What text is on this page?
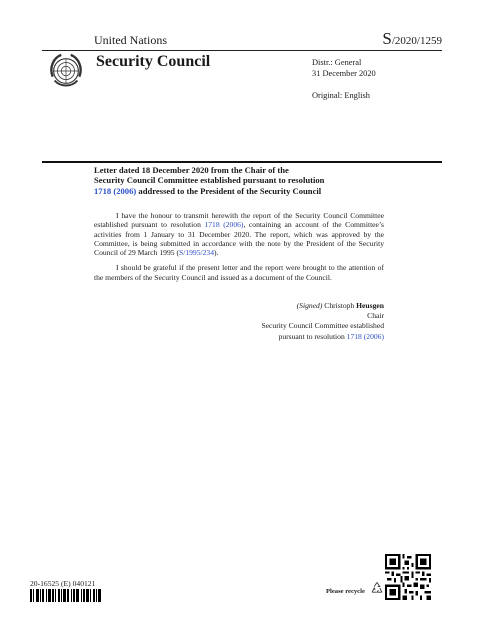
United Nations	S/2020/1259
Security Council	Distr.: General
31 December 2020
Original: English
Letter dated 18 December 2020 from the Chair of the
Security Council Committee established pursuant to resolution
1718 (2006) addressed to the President of the Security Council

I have the honour to transmit herewith the report of the Security Council Committee established pursuant to resolution 1718 (2006), containing an account of the Committee’s activities from 1 January to 31 December 2020. The report, which was approved by the Committee, is being submitted in accordance with the note by the President of the Security Council of 29 March 1995 (S/1995/234).

I should be grateful if the present letter and the report were brought to the attention of the members of the Security Council and issued as a document of the Council.

(Signed) Christoph Heusgen
Chair
Security Council Committee established
pursuant to resolution 1718 (2006)
20-16525 (E) 040121
Please recycle
